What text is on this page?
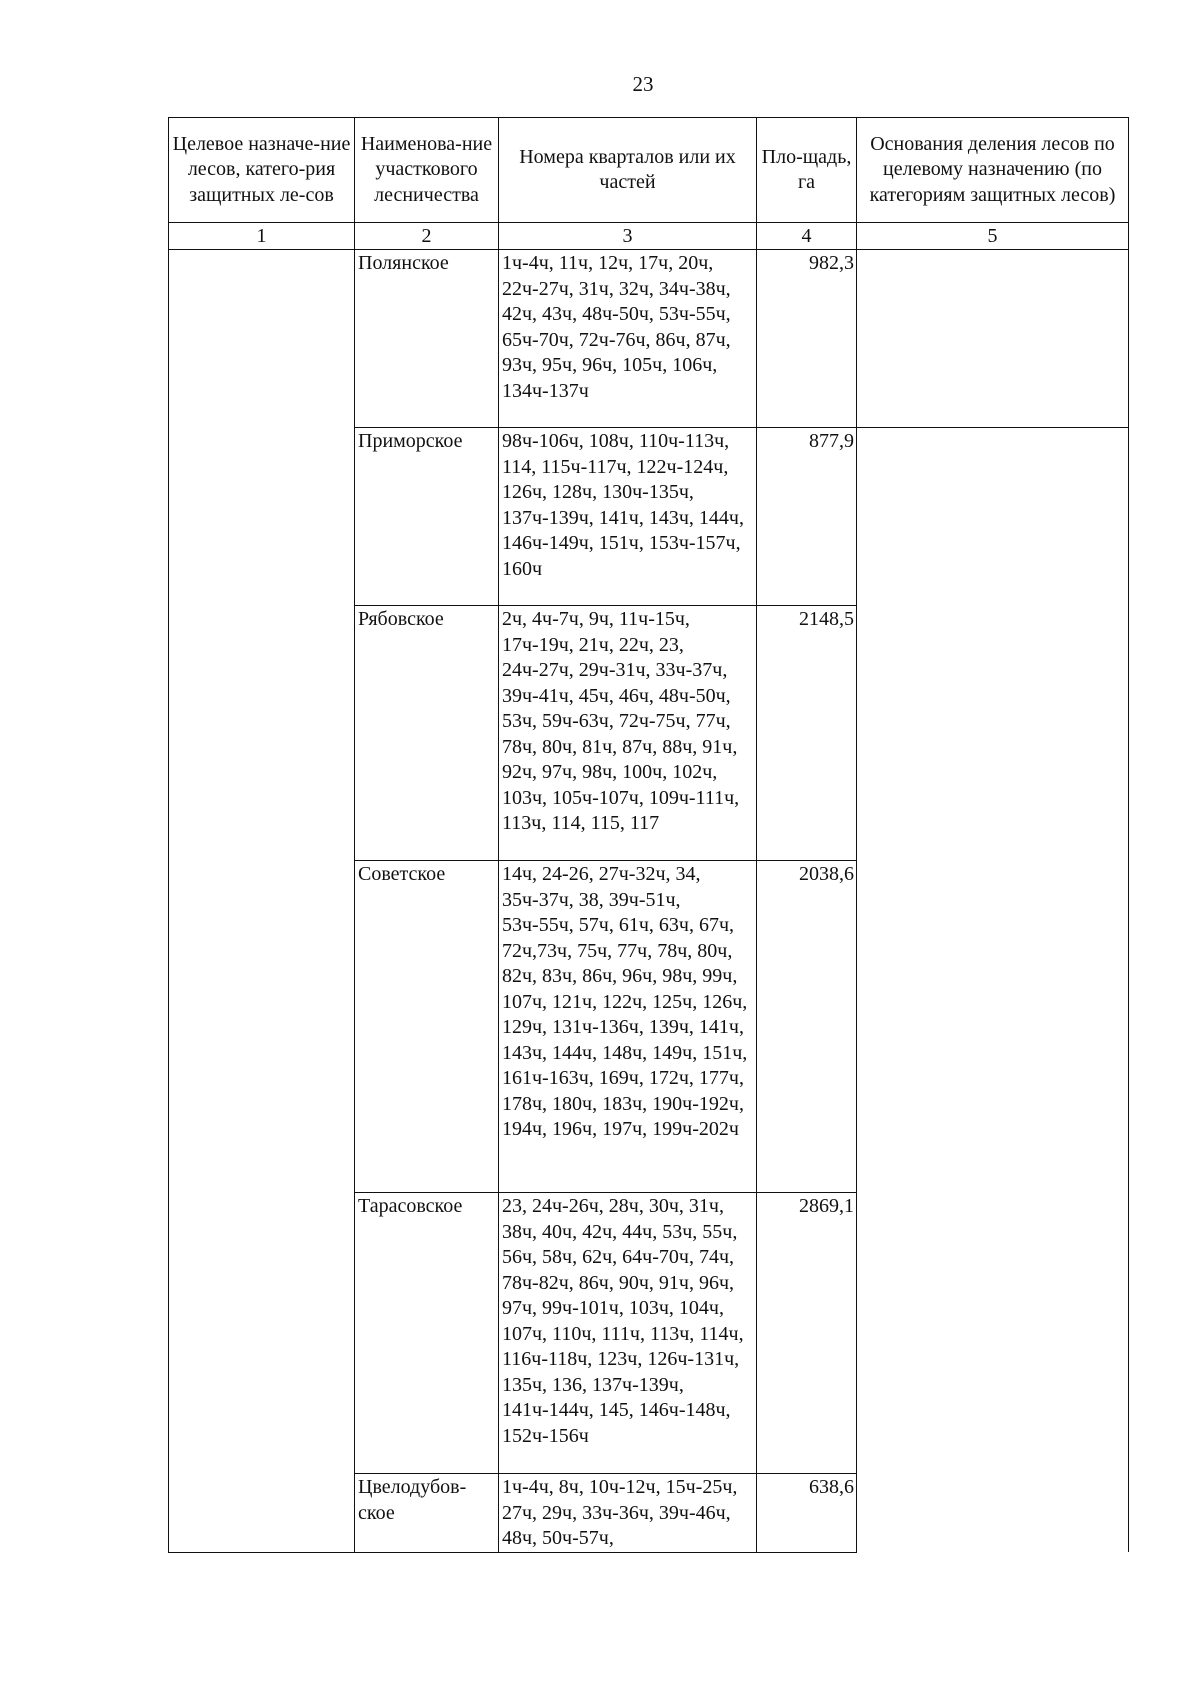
23
Целевое назначе-ние лесов, катего-рия защитных ле-сов	Наименова-ние участкового лесничества	Номера кварталов или их частей	Пло-щадь, га	Основания деления лесов по целевому назначению (по категориям защитных лесов)
1	2	3	4	5
	Полянское	1ч-4ч, 11ч, 12ч, 17ч, 20ч, 22ч-27ч, 31ч, 32ч, 34ч-38ч, 42ч, 43ч, 48ч-50ч, 53ч-55ч, 65ч-70ч, 72ч-76ч, 86ч, 87ч, 93ч, 95ч, 96ч, 105ч, 106ч, 134ч-137ч	982,3	
	Приморское	98ч-106ч, 108ч, 110ч-113ч, 114, 115ч-117ч, 122ч-124ч, 126ч, 128ч, 130ч-135ч, 137ч-139ч, 141ч, 143ч, 144ч, 146ч-149ч, 151ч, 153ч-157ч, 160ч	877,9	
	Рябовское	2ч, 4ч-7ч, 9ч, 11ч-15ч, 17ч-19ч, 21ч, 22ч, 23, 24ч-27ч, 29ч-31ч, 33ч-37ч, 39ч-41ч, 45ч, 46ч, 48ч-50ч, 53ч, 59ч-63ч, 72ч-75ч, 77ч, 78ч, 80ч, 81ч, 87ч, 88ч, 91ч, 92ч, 97ч, 98ч, 100ч, 102ч, 103ч, 105ч-107ч, 109ч-111ч, 113ч, 114, 115, 117	2148,5	
	Советское	14ч, 24-26, 27ч-32ч, 34, 35ч-37ч, 38, 39ч-51ч, 53ч-55ч, 57ч, 61ч, 63ч, 67ч, 72ч,73ч, 75ч, 77ч, 78ч, 80ч, 82ч, 83ч, 86ч, 96ч, 98ч, 99ч, 107ч, 121ч, 122ч, 125ч, 126ч, 129ч, 131ч-136ч, 139ч, 141ч, 143ч, 144ч, 148ч, 149ч, 151ч, 161ч-163ч, 169ч, 172ч, 177ч, 178ч, 180ч, 183ч, 190ч-192ч, 194ч, 196ч, 197ч, 199ч-202ч	2038,6	
	Тарасовское	23, 24ч-26ч, 28ч, 30ч, 31ч, 38ч, 40ч, 42ч, 44ч, 53ч, 55ч, 56ч, 58ч, 62ч, 64ч-70ч, 74ч, 78ч-82ч, 86ч, 90ч, 91ч, 96ч, 97ч, 99ч-101ч, 103ч, 104ч, 107ч, 110ч, 111ч, 113ч, 114ч, 116ч-118ч, 123ч, 126ч-131ч, 135ч, 136, 137ч-139ч, 141ч-144ч, 145, 146ч-148ч, 152ч-156ч	2869,1	
	Цвелодубов-ское	1ч-4ч, 8ч, 10ч-12ч, 15ч-25ч, 27ч, 29ч, 33ч-36ч, 39ч-46ч, 48ч, 50ч-57ч,	638,6	
